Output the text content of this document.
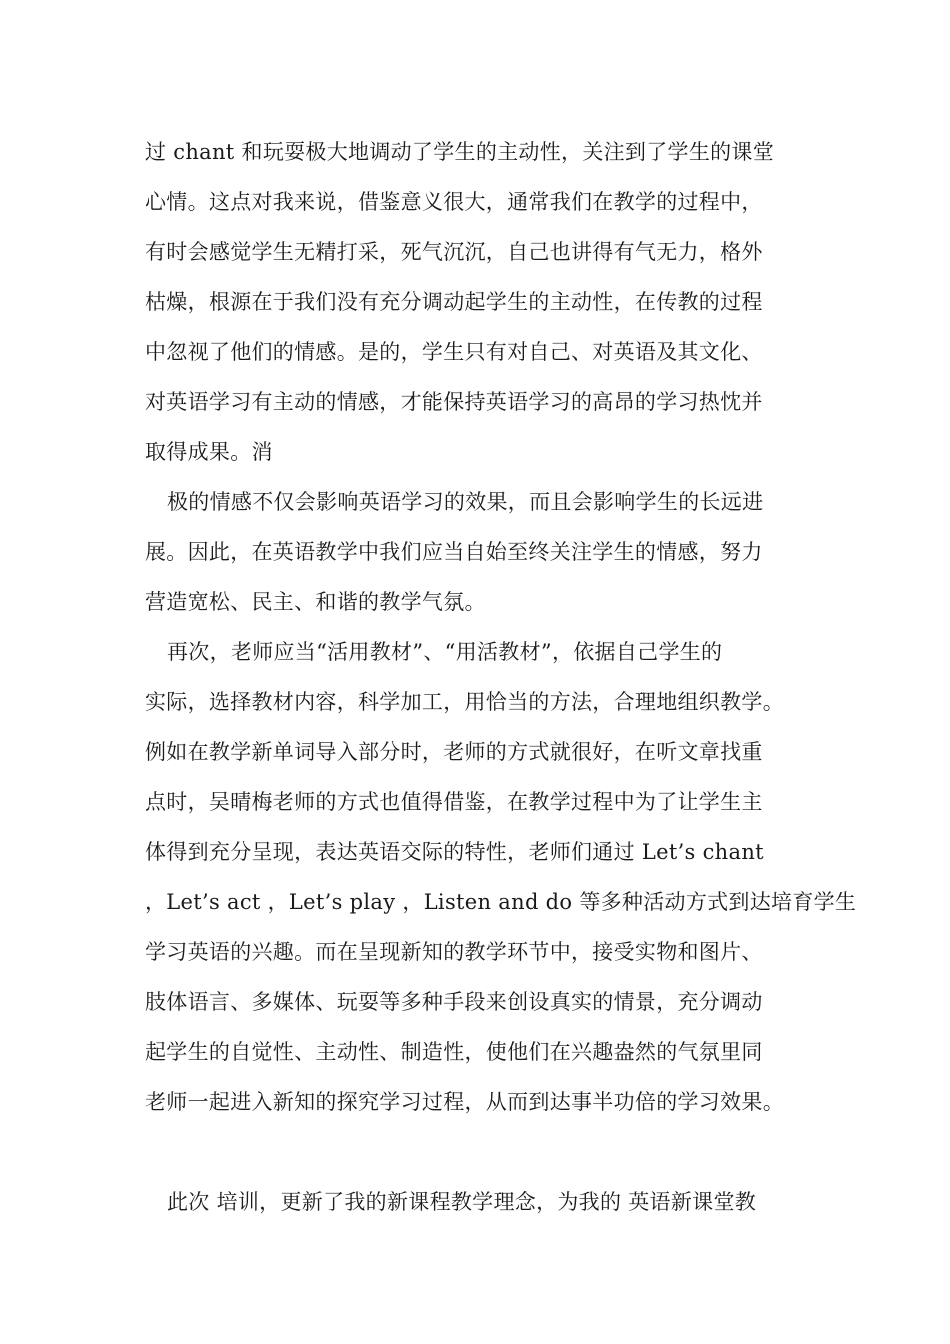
过 chant 和玩耍极大地调动了学生的主动性，关注到了学生的课堂
心情。这点对我来说，借鉴意义很大，通常我们在教学的过程中，
有时会感觉学生无精打采，死气沉沉，自己也讲得有气无力，格外
枯燥，根源在于我们没有充分调动起学生的主动性，在传教的过程
中忽视了他们的情感。是的，学生只有对自己、对英语及其文化、
对英语学习有主动的情感，才能保持英语学习的高昂的学习热忱并
取得成果。消
极的情感不仅会影响英语学习的效果，而且会影响学生的长远进
展。因此，在英语教学中我们应当自始至终关注学生的情感，努力
营造宽松、民主、和谐的教学气氛。
再次，老师应当“活用教材”、“用活教材”，依据自己学生的
实际，选择教材内容，科学加工，用恰当的方法，合理地组织教学。
例如在教学新单词导入部分时，老师的方式就很好，在听文章找重
点时，吴晴梅老师的方式也值得借鉴，在教学过程中为了让学生主
体得到充分呈现，表达英语交际的特性，老师们通过 Let’s chant
，Let’s act ，Let’s play ，Listen and do 等多种活动方式到达培育学生
学习英语的兴趣。而在呈现新知的教学环节中，接受实物和图片、
肢体语言、多媒体、玩耍等多种手段来创设真实的情景，充分调动
起学生的自觉性、主动性、制造性，使他们在兴趣盎然的气氛里同
老师一起进入新知的探究学习过程，从而到达事半功倍的学习效果。
此次 培训，更新了我的新课程教学理念，为我的 英语新课堂教
